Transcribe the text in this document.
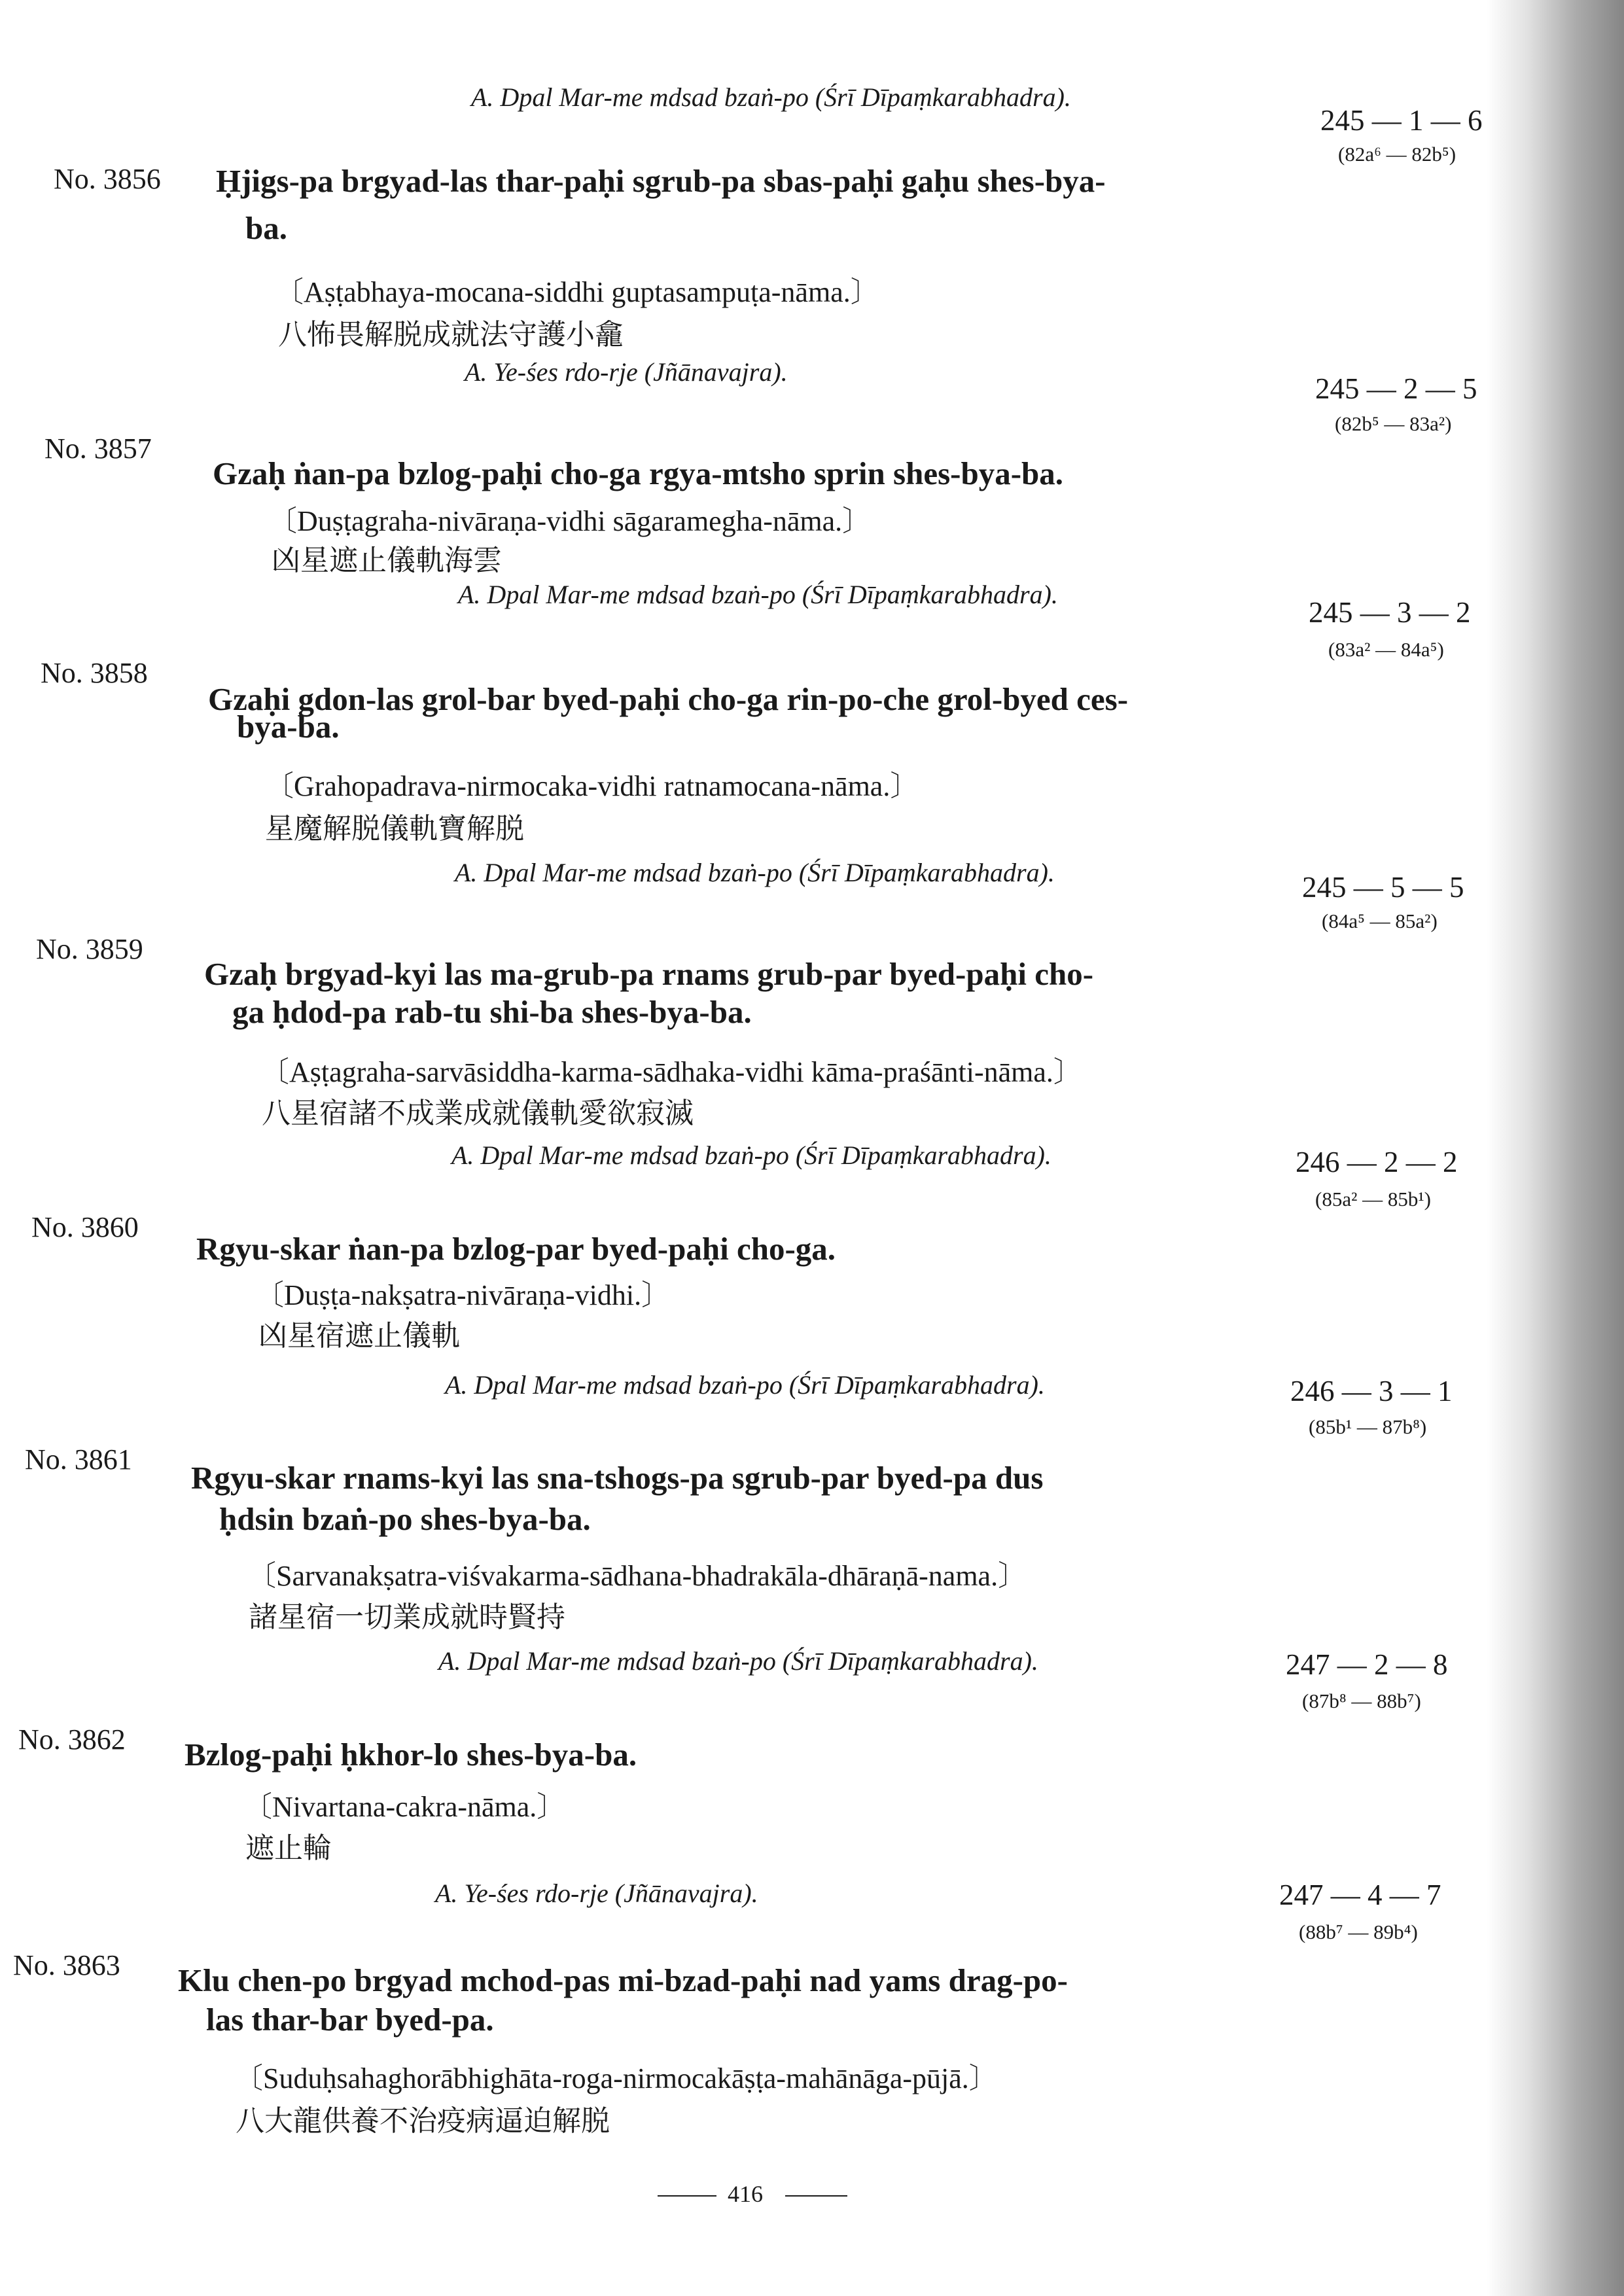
A. Dpal Mar-me mdsad bzaṅ-po (Śrī Dīpaṃkarabhadra).
245 — 1 — 6
(82a⁶ — 82b⁵)
No. 3856 Ḥjigs-pa brgyad-las thar-paḥi sgrub-pa sbas-paḥi gaḥu shes-bya-
ba.
〔Aṣṭabhaya-mocana-siddhi guptasampuṭa-nāma.〕
八怖畏解脱成就法守護小龕
A. Ye-śes rdo-rje (Jñānavajra).
245 — 2 — 5
(82b⁵ — 83a²)
No. 3857
Gzaḥ ṅan-pa bzlog-paḥi cho-ga rgya-mtsho sprin shes-bya-ba.
〔Duṣṭagraha-nivāraṇa-vidhi sāgaramegha-nāma.〕
凶星遮止儀軌海雲
A. Dpal Mar-me mdsad bzaṅ-po (Śrī Dīpaṃkarabhadra).
245 — 3 — 2
(83a² — 84a⁵)
No. 3858
Gzaḥi gdon-las grol-bar byed-paḥi cho-ga rin-po-che grol-byed ces-
bya-ba.
〔Grahopadrava-nirmocaka-vidhi ratnamocana-nāma.〕
星魔解脱儀軌寶解脱
A. Dpal Mar-me mdsad bzaṅ-po (Śrī Dīpaṃkarabhadra).	245 — 5 — 5
(84a⁵ — 85a²)
No. 3859
Gzaḥ brgyad-kyi las ma-grub-pa rnams grub-par byed-paḥi cho-
ga ḥdod-pa rab-tu shi-ba shes-bya-ba.
〔Aṣṭagraha-sarvāsiddha-karma-sādhaka-vidhi kāma-praśānti-nāma.〕
八星宿諸不成業成就儀軌愛欲寂滅
A. Dpal Mar-me mdsad bzaṅ-po (Śrī Dīpaṃkarabhadra).	246 — 2 — 2
(85a² — 85b¹)
No. 3860
Rgyu-skar ṅan-pa bzlog-par byed-paḥi cho-ga.
〔Duṣṭa-nakṣatra-nivāraṇa-vidhi.〕
凶星宿遮止儀軌
A. Dpal Mar-me mdsad bzaṅ-po (Śrī Dīpaṃkarabhadra).	246 — 3 — 1
(85b¹ — 87b⁸)
No. 3861
Rgyu-skar rnams-kyi las sna-tshogs-pa sgrub-par byed-pa dus
ḥdsin bzaṅ-po shes-bya-ba.
〔Sarvanakṣatra-viśvakarma-sādhana-bhadrakāla-dhāraṇā-nama.〕
諸星宿一切業成就時賢持
A. Dpal Mar-me mdsad bzaṅ-po (Śrī Dīpaṃkarabhadra).	247 — 2 — 8
(87b⁸ — 88b⁷)
No. 3862 Bzlog-paḥi ḥkhor-lo shes-bya-ba.
〔Nivartana-cakra-nāma.〕
遮止輪
A. Ye-śes rdo-rje (Jñānavajra).	247 — 4 — 7
(88b⁷ — 89b⁴)
No. 3863 Klu chen-po brgyad mchod-pas mi-bzad-paḥi nad yams drag-po-
las thar-bar byed-pa.
〔Suduḥsahaghorābhighāta-roga-nirmocakāṣṭa-mahānāga-pūjā.〕
八大龍供養不治疫病逼迫解脱
416
